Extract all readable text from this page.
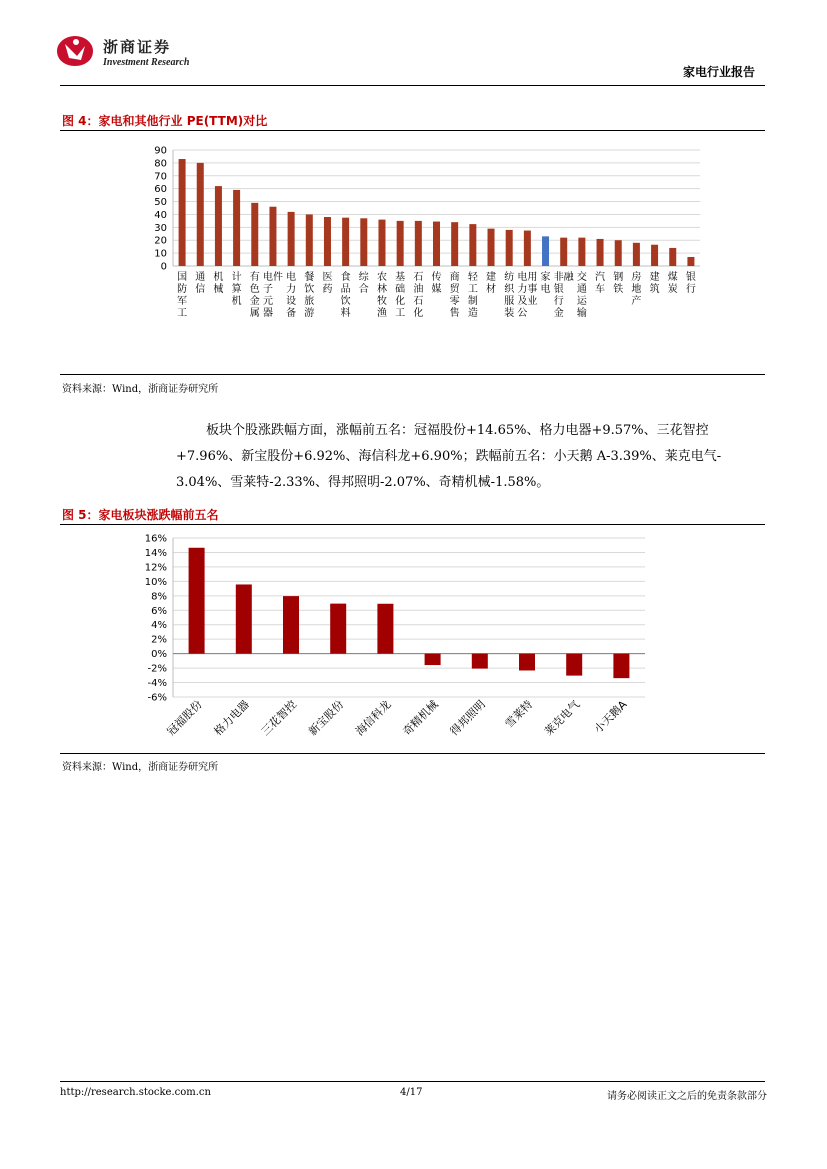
浙商证券
Investment Research
家电行业报告
图 4：家电和其他行业 PE(TTM)对比
0
10
20
30
40
50
60
70
80
90
国防军工
通信
机械
计算机
有色金属
电子元器件 电力设备
餐饮旅游
医药
食品饮料
综合
农林牧渔
基础化工
石油石化
传媒
商贸零售
轻工制造
建材
纺织服装
电力及公用事业
家电
非银行金融 交通运输
汽车
钢铁
房地产
建筑
煤炭
银行
资料来源：Wind，浙商证券研究所

板块个股涨跌幅方面，涨幅前五名：冠福股份+14.65%、格力电器+9.57%、三花智控

+7.96%、新宝股份+6.92%、海信科龙+6.90%；跌幅前五名：小天鹅 A-3.39%、莱克电气-

3.04%、雪莱特-2.33%、得邦照明-2.07%、奇精机械-1.58%。

图 5：家电板块涨跌幅前五名
-6%
-4%
-2%
0%
2%
4%
6%
8%
10%
12%
14%
16%
冠福股份 格力电器 三花智控 新宝股份 海信科龙 奇精机械 得邦照明 雪莱特 莱克电气 小天鹅A
资料来源：Wind，浙商证券研究所
http://research.stocke.com.cn	4/17	请务必阅读正文之后的免责条款部分
